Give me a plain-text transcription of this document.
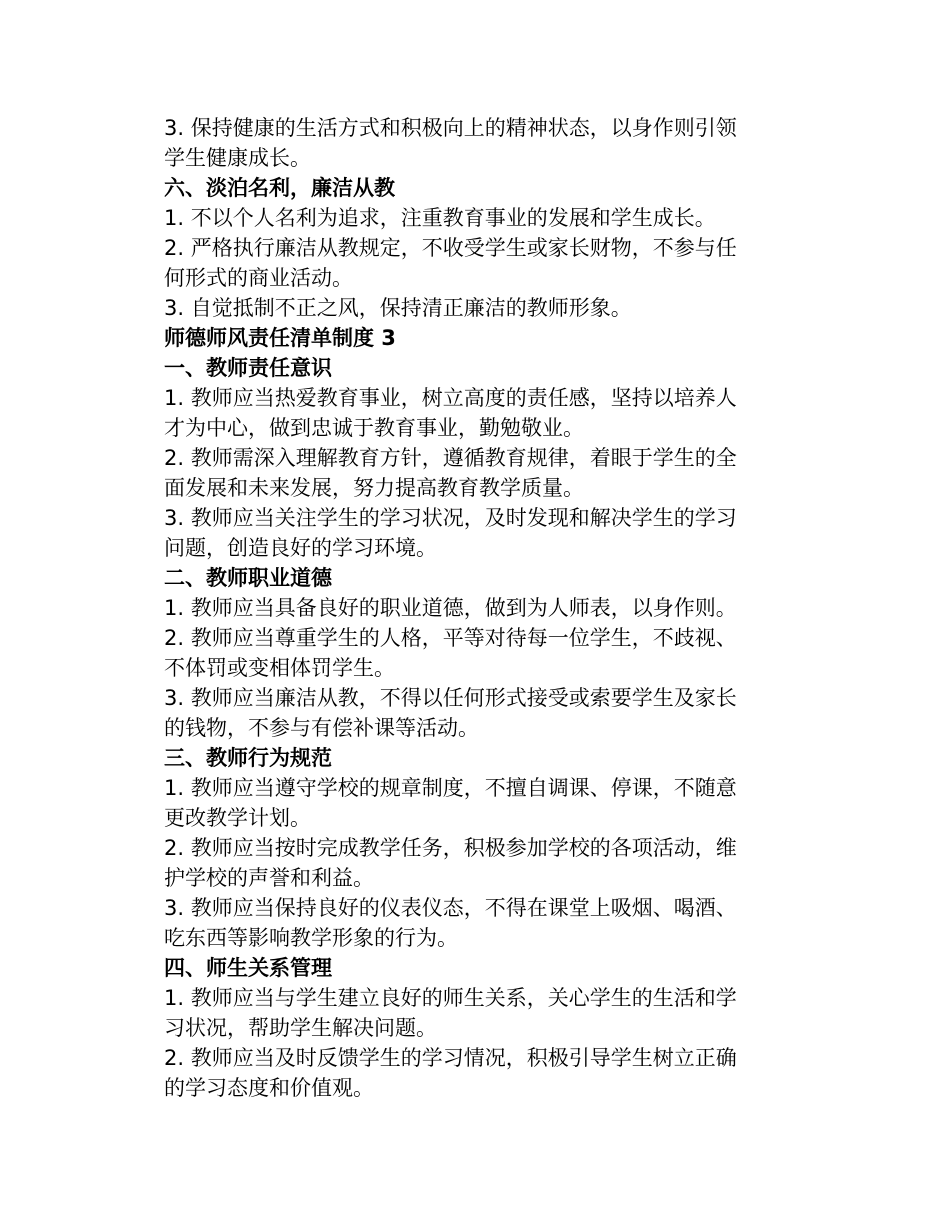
3. 保持健康的生活方式和积极向上的精神状态，以身作则引领

学生健康成长。

六、淡泊名利，廉洁从教

1. 不以个人名利为追求，注重教育事业的发展和学生成长。

2. 严格执行廉洁从教规定，不收受学生或家长财物，不参与任

何形式的商业活动。

3. 自觉抵制不正之风，保持清正廉洁的教师形象。

师德师风责任清单制度 3

一、教师责任意识

1. 教师应当热爱教育事业，树立高度的责任感，坚持以培养人

才为中心，做到忠诚于教育事业，勤勉敬业。

2. 教师需深入理解教育方针，遵循教育规律，着眼于学生的全

面发展和未来发展，努力提高教育教学质量。

3. 教师应当关注学生的学习状况，及时发现和解决学生的学习

问题，创造良好的学习环境。

二、教师职业道德

1. 教师应当具备良好的职业道德，做到为人师表，以身作则。

2. 教师应当尊重学生的人格，平等对待每一位学生，不歧视、

不体罚或变相体罚学生。

3. 教师应当廉洁从教，不得以任何形式接受或索要学生及家长

的钱物，不参与有偿补课等活动。

三、教师行为规范

1. 教师应当遵守学校的规章制度，不擅自调课、停课，不随意

更改教学计划。

2. 教师应当按时完成教学任务，积极参加学校的各项活动，维

护学校的声誉和利益。

3. 教师应当保持良好的仪表仪态，不得在课堂上吸烟、喝酒、

吃东西等影响教学形象的行为。

四、师生关系管理

1. 教师应当与学生建立良好的师生关系，关心学生的生活和学

习状况，帮助学生解决问题。

2. 教师应当及时反馈学生的学习情况，积极引导学生树立正确

的学习态度和价值观。
